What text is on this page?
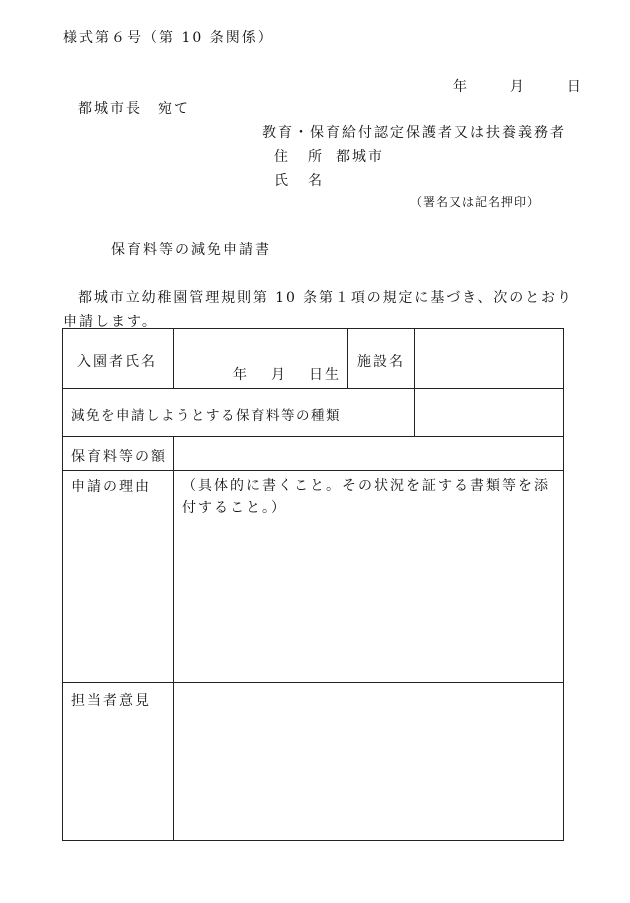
様式第６号（第 10 条関係）
年	月	日
都城市長　宛て
教育・保育給付認定保護者又は扶養義務者
住　所 都城市
氏　名
（署名又は記名押印）
保育料等の減免申請書
都城市立幼稚園管理規則第 10 条第１項の規定に基づき、次のとおり
申請します。
入園者氏名	年 月 日生	施設名	

減免を申請しようとする保育料等の種類			

保育料等の額			

申請の理由	（具体的に書くこと。その状況を証する書類等を添付すること。）		

担当者意見			
